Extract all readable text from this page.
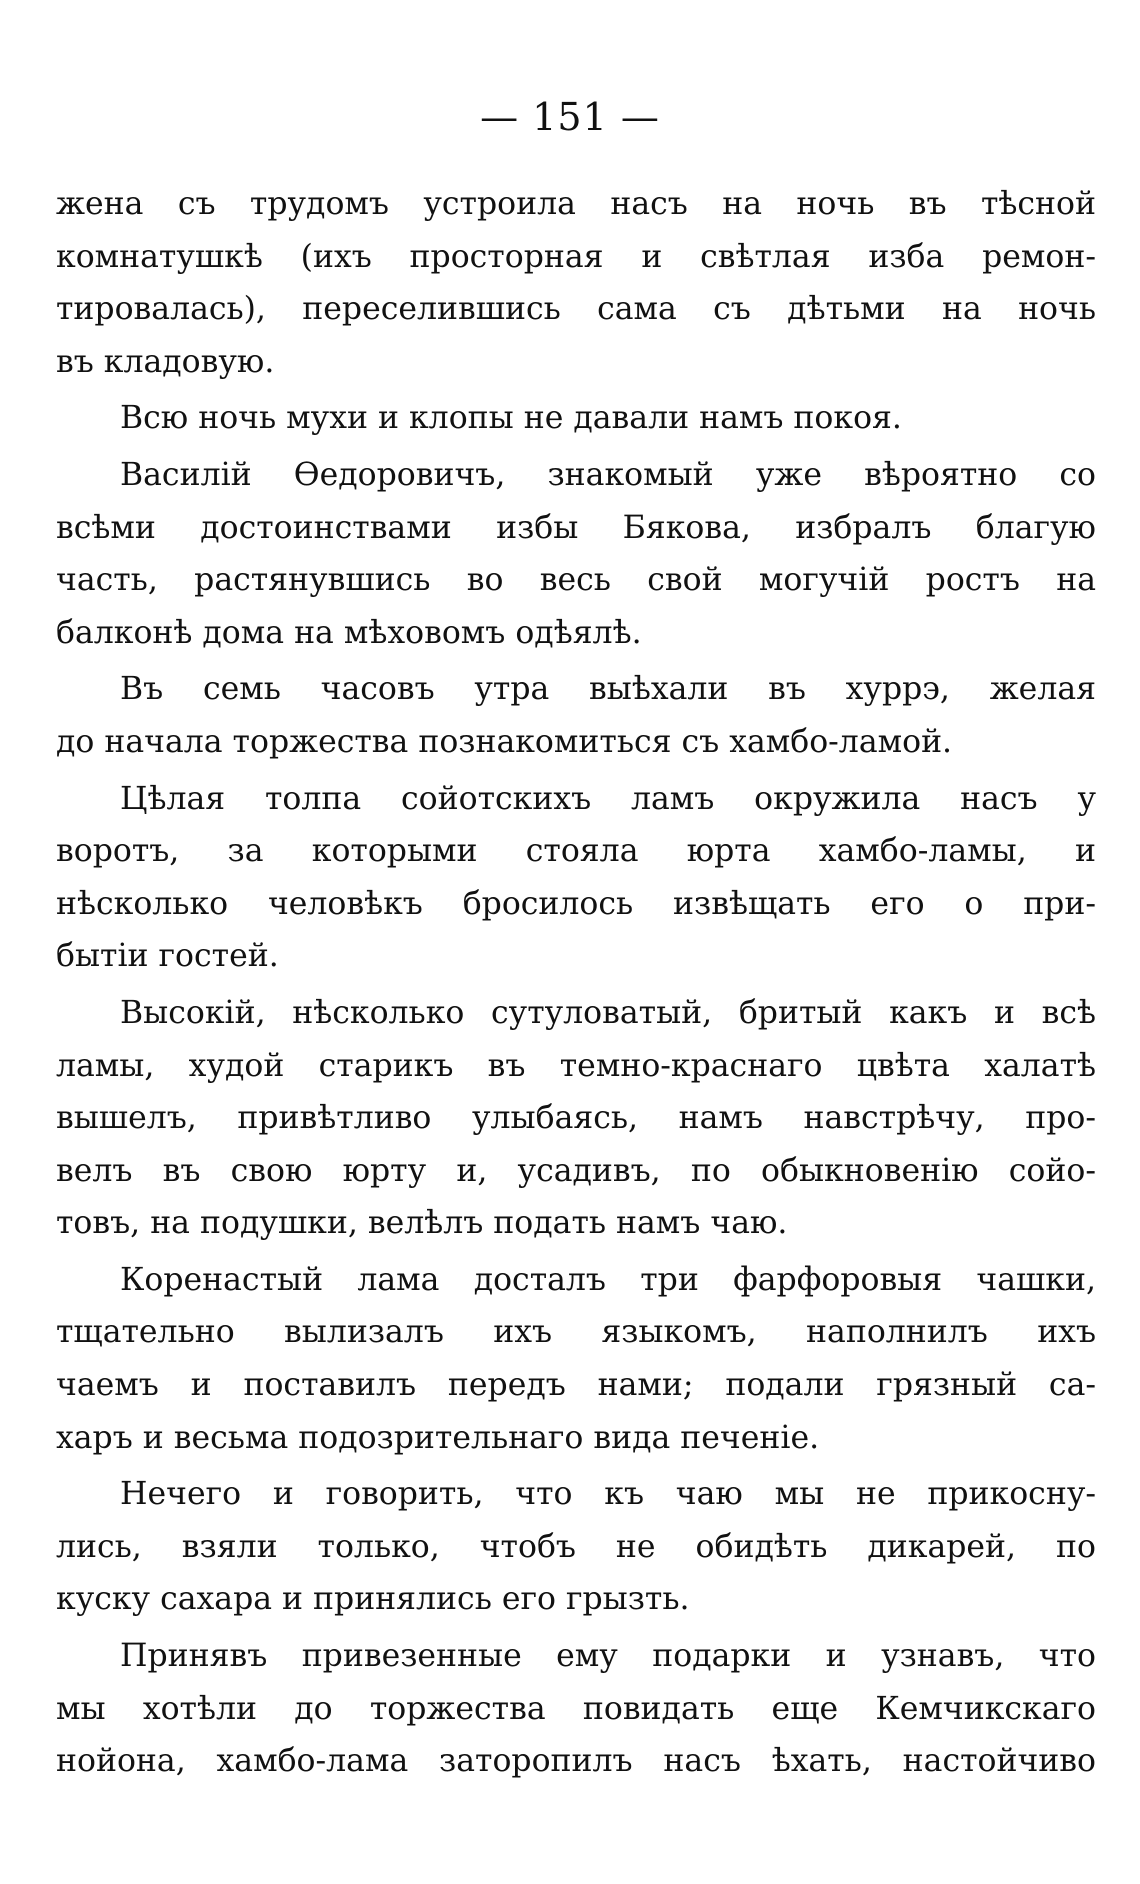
— 151 —
жена съ трудомъ устроила насъ на ночь въ тѣсной
комнатушкѣ (ихъ просторная и свѣтлая изба ремон-
тировалась), переселившись сама съ дѣтьми на ночь
въ кладовую.
Всю ночь мухи и клопы не давали намъ покоя.
Василій Ѳедоровичъ, знакомый уже вѣроятно со
всѣми достоинствами избы Бякова, избралъ благую
часть, растянувшись во весь свой могучій ростъ на
балконѣ дома на мѣховомъ одѣялѣ.
Въ семь часовъ утра выѣхали въ хуррэ, желая
до начала торжества познакомиться съ хамбо-ламой.
Цѣлая толпа сойотскихъ ламъ окружила насъ у
воротъ, за которыми стояла юрта хамбо-ламы, и
нѣсколько человѣкъ бросилось извѣщать его о при-
бытіи гостей.
Высокій, нѣсколько сутуловатый, бритый какъ и всѣ
ламы, худой старикъ въ темно-краснаго цвѣта халатѣ
вышелъ, привѣтливо улыбаясь, намъ навстрѣчу, про-
велъ въ свою юрту и, усадивъ, по обыкновенію сойо-
товъ, на подушки, велѣлъ подать намъ чаю.
Коренастый лама досталъ три фарфоровыя чашки,
тщательно вылизалъ ихъ языкомъ, наполнилъ ихъ
чаемъ и поставилъ передъ нами; подали грязный са-
харъ и весьма подозрительнаго вида печеніе.
Нечего и говорить, что къ чаю мы не прикосну-
лись, взяли только, чтобъ не обидѣть дикарей, по
куску сахара и принялись его грызть.
Принявъ привезенные ему подарки и узнавъ, что
мы хотѣли до торжества повидать еще Кемчикскаго
нойона, хамбо-лама заторопилъ насъ ѣхать, настойчиво
